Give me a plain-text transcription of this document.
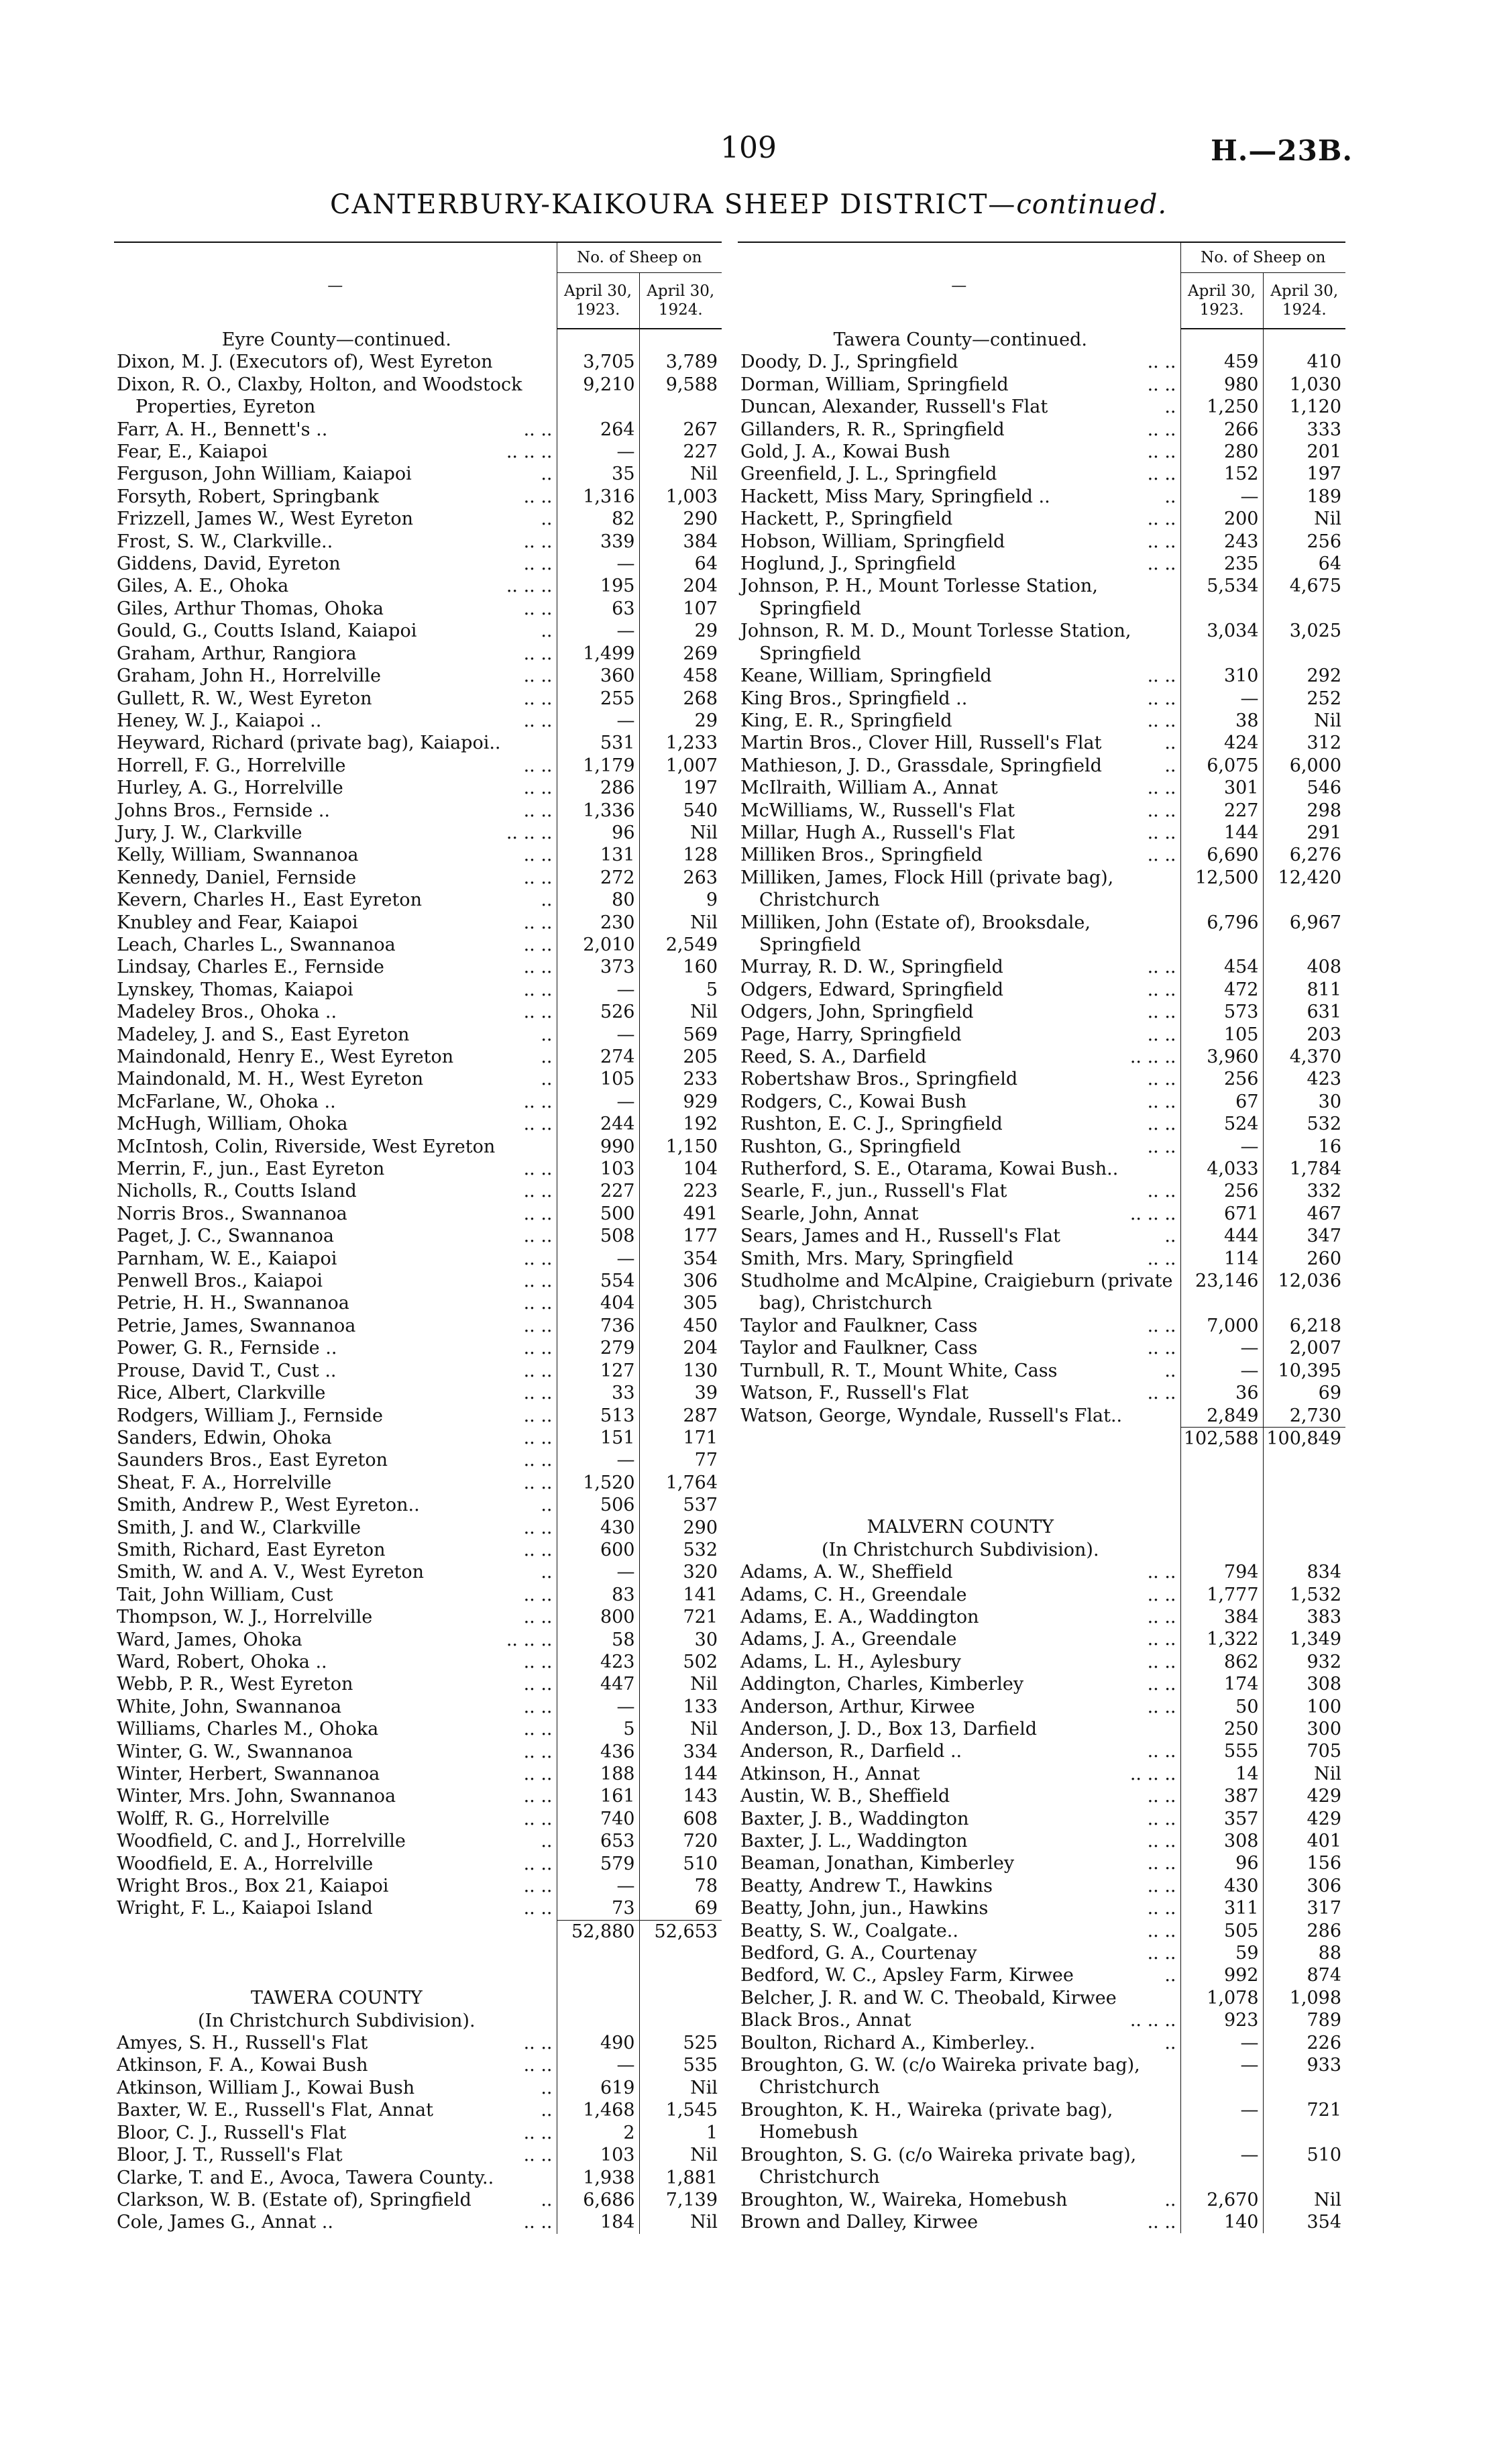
109	H.—23B.
CANTERBURY-KAIKOURA SHEEP DISTRICT—continued.
—	No. of Sheep on	
	April 30, 1923.	April 30, 1924.
Eyre County—continued.		
Dixon, M. J. (Executors of), West Eyreton	3,705	3,789
Dixon, R. O., Claxby, Holton, and Woodstock Properties, Eyreton	9,210	9,588
Farr, A. H., Bennett's .. .. ..	264	267
Fear, E., Kaiapoi .. .. ..	—	227
Ferguson, John William, Kaiapoi ..	35	Nil
Forsyth, Robert, Springbank .. ..	1,316	1,003
Frizzell, James W., West Eyreton ..	82	290
Frost, S. W., Clarkville.. .. ..	339	384
Giddens, David, Eyreton .. ..	—	64
Giles, A. E., Ohoka .. .. ..	195	204
Giles, Arthur Thomas, Ohoka .. ..	63	107
Gould, G., Coutts Island, Kaiapoi ..	—	29
Graham, Arthur, Rangiora .. ..	1,499	269
Graham, John H., Horrelville .. ..	360	458
Gullett, R. W., West Eyreton .. ..	255	268
Heney, W. J., Kaiapoi .. .. ..	—	29
Heyward, Richard (private bag), Kaiapoi..	531	1,233
Horrell, F. G., Horrelville .. ..	1,179	1,007
Hurley, A. G., Horrelville .. ..	286	197
Johns Bros., Fernside .. .. ..	1,336	540
Jury, J. W., Clarkville .. .. ..	96	Nil
Kelly, William, Swannanoa .. ..	131	128
Kennedy, Daniel, Fernside .. ..	272	263
Kevern, Charles H., East Eyreton ..	80	9
Knubley and Fear, Kaiapoi .. ..	230	Nil
Leach, Charles L., Swannanoa .. ..	2,010	2,549
Lindsay, Charles E., Fernside .. ..	373	160
Lynskey, Thomas, Kaiapoi .. ..	—	5
Madeley Bros., Ohoka .. .. ..	526	Nil
Madeley, J. and S., East Eyreton ..	—	569
Maindonald, Henry E., West Eyreton ..	274	205
Maindonald, M. H., West Eyreton ..	105	233
McFarlane, W., Ohoka .. .. ..	—	929
McHugh, William, Ohoka .. ..	244	192
McIntosh, Colin, Riverside, West Eyreton	990	1,150
Merrin, F., jun., East Eyreton .. ..	103	104
Nicholls, R., Coutts Island .. ..	227	223
Norris Bros., Swannanoa .. ..	500	491
Paget, J. C., Swannanoa .. ..	508	177
Parnham, W. E., Kaiapoi .. ..	—	354
Penwell Bros., Kaiapoi .. ..	554	306
Petrie, H. H., Swannanoa .. ..	404	305
Petrie, James, Swannanoa .. ..	736	450
Power, G. R., Fernside .. .. ..	279	204
Prouse, David T., Cust .. .. ..	127	130
Rice, Albert, Clarkville .. ..	33	39
Rodgers, William J., Fernside .. ..	513	287
Sanders, Edwin, Ohoka .. ..	151	171
Saunders Bros., East Eyreton .. ..	—	77
Sheat, F. A., Horrelville .. ..	1,520	1,764
Smith, Andrew P., West Eyreton.. ..	506	537
Smith, J. and W., Clarkville .. ..	430	290
Smith, Richard, East Eyreton .. ..	600	532
Smith, W. and A. V., West Eyreton ..	—	320
Tait, John William, Cust .. ..	83	141
Thompson, W. J., Horrelville .. ..	800	721
Ward, James, Ohoka .. .. ..	58	30
Ward, Robert, Ohoka .. .. ..	423	502
Webb, P. R., West Eyreton .. ..	447	Nil
White, John, Swannanoa .. ..	—	133
Williams, Charles M., Ohoka .. ..	5	Nil
Winter, G. W., Swannanoa .. ..	436	334
Winter, Herbert, Swannanoa .. ..	188	144
Winter, Mrs. John, Swannanoa .. ..	161	143
Wolff, R. G., Horrelville .. ..	740	608
Woodfield, C. and J., Horrelville ..	653	720
Woodfield, E. A., Horrelville .. ..	579	510
Wright Bros., Box 21, Kaiapoi .. ..	—	78
Wright, F. L., Kaiapoi Island .. ..	73	69
	52,880	52,653

TAWERA COUNTY		
(In Christchurch Subdivision).		
Amyes, S. H., Russell's Flat .. ..	490	525
Atkinson, F. A., Kowai Bush .. ..	—	535
Atkinson, William J., Kowai Bush ..	619	Nil
Baxter, W. E., Russell's Flat, Annat ..	1,468	1,545
Bloor, C. J., Russell's Flat .. ..	2	1
Bloor, J. T., Russell's Flat .. ..	103	Nil
Clarke, T. and E., Avoca, Tawera County..	1,938	1,881
Clarkson, W. B. (Estate of), Springfield ..	6,686	7,139
Cole, James G., Annat .. .. ..	184	Nil
—	No. of Sheep on	
	April 30, 1923.	April 30, 1924.
Tawera County—continued.		
Doody, D. J., Springfield .. ..	459	410
Dorman, William, Springfield .. ..	980	1,030
Duncan, Alexander, Russell's Flat ..	1,250	1,120
Gillanders, R. R., Springfield .. ..	266	333
Gold, J. A., Kowai Bush .. ..	280	201
Greenfield, J. L., Springfield .. ..	152	197
Hackett, Miss Mary, Springfield .. ..	—	189
Hackett, P., Springfield .. ..	200	Nil
Hobson, William, Springfield .. ..	243	256
Hoglund, J., Springfield .. ..	235	64
Johnson, P. H., Mount Torlesse Station, Springfield	5,534	4,675
Johnson, R. M. D., Mount Torlesse Station, Springfield	3,034	3,025
Keane, William, Springfield .. ..	310	292
King Bros., Springfield .. .. ..	—	252
King, E. R., Springfield .. ..	38	Nil
Martin Bros., Clover Hill, Russell's Flat ..	424	312
Mathieson, J. D., Grassdale, Springfield ..	6,075	6,000
McIlraith, William A., Annat .. ..	301	546
McWilliams, W., Russell's Flat .. ..	227	298
Millar, Hugh A., Russell's Flat .. ..	144	291
Milliken Bros., Springfield .. ..	6,690	6,276
Milliken, James, Flock Hill (private bag), Christchurch	12,500	12,420
Milliken, John (Estate of), Brooksdale, Springfield	6,796	6,967
Murray, R. D. W., Springfield .. ..	454	408
Odgers, Edward, Springfield .. ..	472	811
Odgers, John, Springfield .. ..	573	631
Page, Harry, Springfield .. ..	105	203
Reed, S. A., Darfield .. .. ..	3,960	4,370
Robertshaw Bros., Springfield .. ..	256	423
Rodgers, C., Kowai Bush .. ..	67	30
Rushton, E. C. J., Springfield .. ..	524	532
Rushton, G., Springfield .. ..	—	16
Rutherford, S. E., Otarama, Kowai Bush..	4,033	1,784
Searle, F., jun., Russell's Flat .. ..	256	332
Searle, John, Annat .. .. ..	671	467
Sears, James and H., Russell's Flat ..	444	347
Smith, Mrs. Mary, Springfield .. ..	114	260
Studholme and McAlpine, Craigieburn (private bag), Christchurch	23,146	12,036
Taylor and Faulkner, Cass .. ..	7,000	6,218
Taylor and Faulkner, Cass .. ..	—	2,007
Turnbull, R. T., Mount White, Cass ..	—	10,395
Watson, F., Russell's Flat .. ..	36	69
Watson, George, Wyndale, Russell's Flat..	2,849	2,730
	102,588	100,849

MALVERN COUNTY		
(In Christchurch Subdivision).		
Adams, A. W., Sheffield .. ..	794	834
Adams, C. H., Greendale .. ..	1,777	1,532
Adams, E. A., Waddington .. ..	384	383
Adams, J. A., Greendale .. ..	1,322	1,349
Adams, L. H., Aylesbury .. ..	862	932
Addington, Charles, Kimberley .. ..	174	308
Anderson, Arthur, Kirwee .. ..	50	100
Anderson, J. D., Box 13, Darfield	250	300
Anderson, R., Darfield .. .. ..	555	705
Atkinson, H., Annat .. .. ..	14	Nil
Austin, W. B., Sheffield .. ..	387	429
Baxter, J. B., Waddington .. ..	357	429
Baxter, J. L., Waddington .. ..	308	401
Beaman, Jonathan, Kimberley .. ..	96	156
Beatty, Andrew T., Hawkins .. ..	430	306
Beatty, John, jun., Hawkins .. ..	311	317
Beatty, S. W., Coalgate.. .. ..	505	286
Bedford, G. A., Courtenay .. ..	59	88
Bedford, W. C., Apsley Farm, Kirwee ..	992	874
Belcher, J. R. and W. C. Theobald, Kirwee	1,078	1,098
Black Bros., Annat .. .. ..	923	789
Boulton, Richard A., Kimberley.. ..	—	226
Broughton, G. W. (c/o Waireka private bag), Christchurch	—	933
Broughton, K. H., Waireka (private bag), Homebush	—	721
Broughton, S. G. (c/o Waireka private bag), Christchurch	—	510
Broughton, W., Waireka, Homebush ..	2,670	Nil
Brown and Dalley, Kirwee .. ..	140	354
